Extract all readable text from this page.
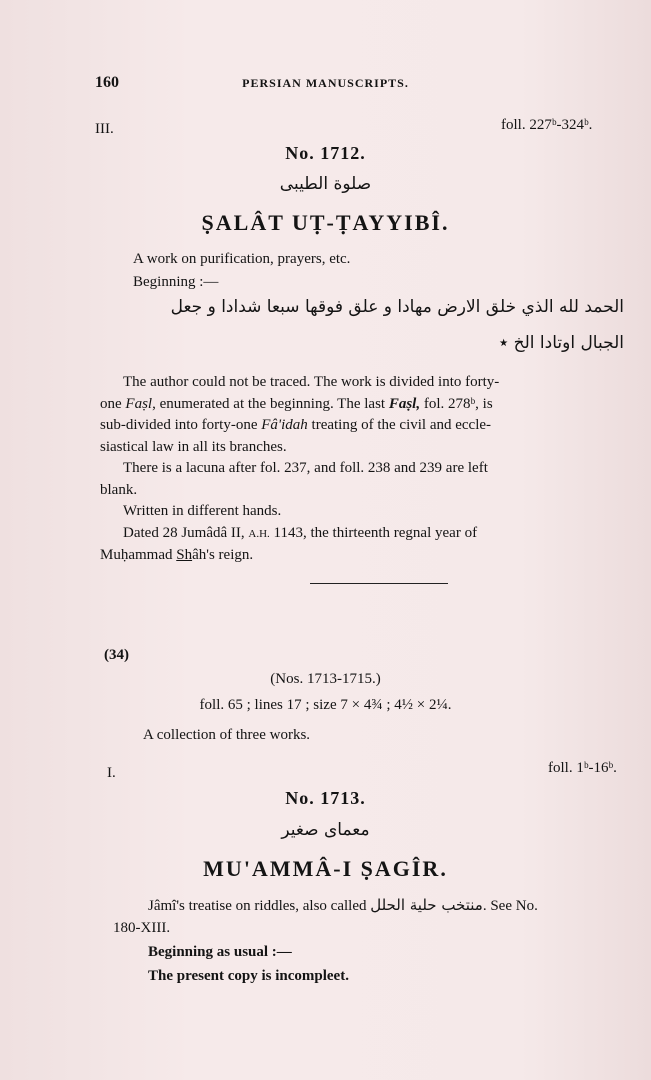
160	PERSIAN MANUSCRIPTS.
III.	foll. 227ᵇ-324ᵇ.
No. 1712.
صلوة الطيبى
ṢALÂT UṬ-ṬAYYIBÎ.
A work on purification, prayers, etc.
Beginning :—
الحمد لله الذي خلق الارض مهادا و علق فوقها سبعا شدادا و جعل
الجبال اوتادا الخ ٭

The author could not be traced. The work is divided into forty-

one Faṣl, enumerated at the beginning. The last Faṣl, fol. 278ᵇ, is

sub-divided into forty-one Fâ'idah treating of the civil and eccle-

siastical law in all its branches.

There is a lacuna after fol. 237, and foll. 238 and 239 are left

blank.

Written in different hands.

Dated 28 Jumâdâ II, A.H. 1143, the thirteenth regnal year of

Muḥammad Shâh's reign.

(34)
(Nos. 1713-1715.)
foll. 65 ; lines 17 ; size 7 × 4¾ ; 4½ × 2¼.
A collection of three works.
I.	foll. 1ᵇ-16ᵇ.
No. 1713.
معماى صغير
MU'AMMÂ-I ṢAGÎR.
Jâmî's treatise on riddles, also called منتخب حلية الحلل. See No.
180-XIII.
Beginning as usual :—
The present copy is incompleet.
